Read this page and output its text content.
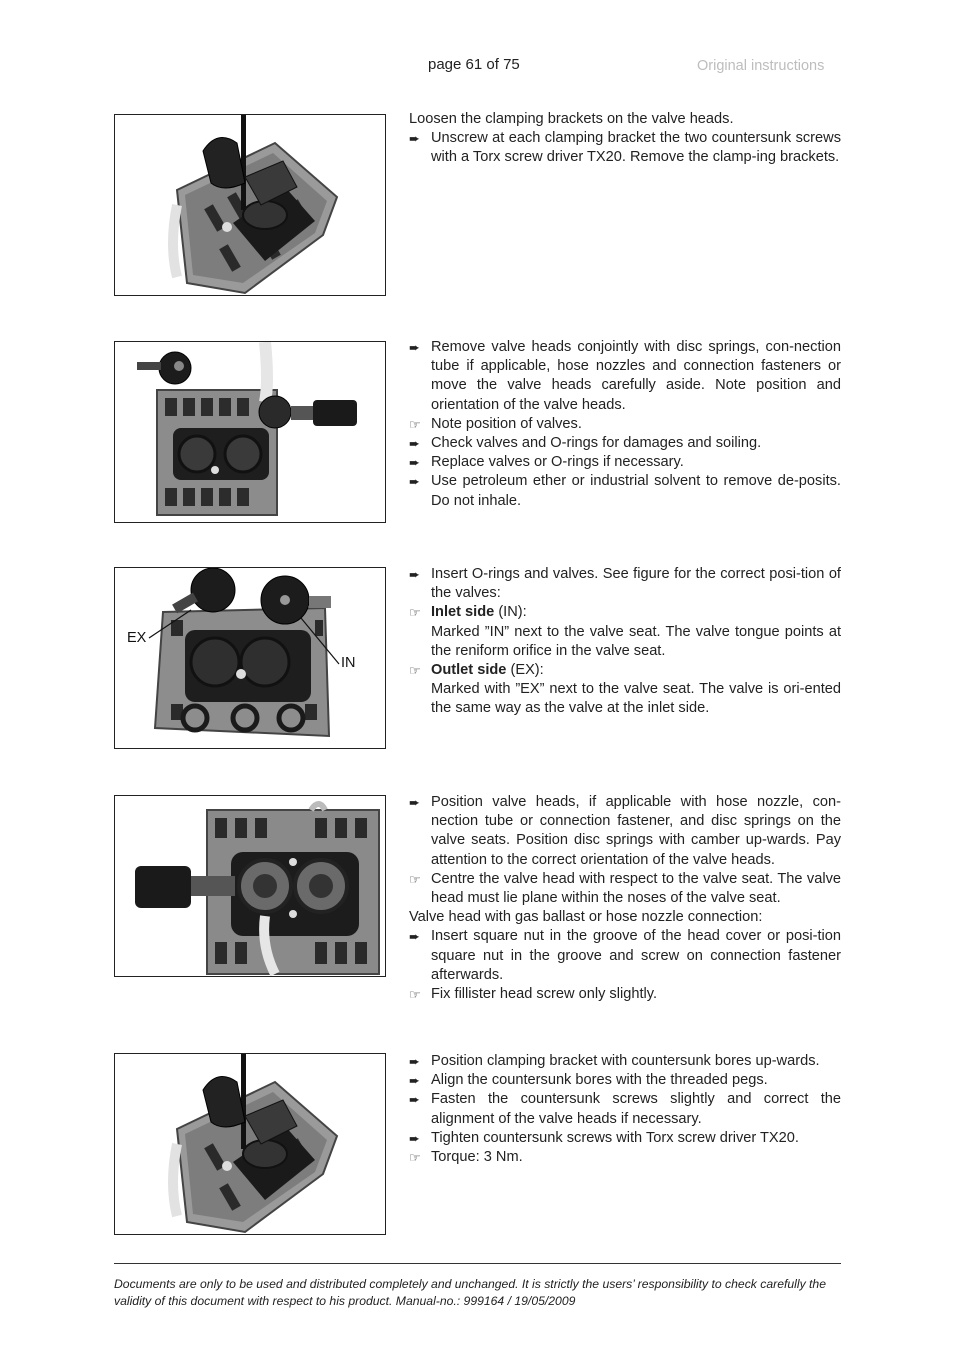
page 61 of 75	Original instructions
Loosen the clamping brackets on the valve heads.
➨ Unscrew at each clamping bracket the two countersunk screws with a Torx screw driver TX20. Remove the clamp-ing brackets.
➨ Remove valve heads conjointly with disc springs, con-nection tube if applicable, hose nozzles and connection fasteners or move the valve heads carefully aside. Note position and orientation of the valve heads.
☞ Note position of valves.
➨ Check valves and O-rings for damages and soiling.
➨ Replace valves or O-rings if necessary.
➨ Use petroleum ether or industrial solvent to remove de-posits. Do not inhale.
EX
IN
➨ Insert O-rings and valves. See figure for the correct posi-tion of the valves:
☞ Inlet side (IN):
Marked ”IN” next to the valve seat. The valve tongue points at the reniform orifice in the valve seat.
☞ Outlet side (EX):
Marked with ”EX” next to the valve seat. The valve is ori-ented the same way as the valve at the inlet side.
➨ Position valve heads, if applicable with hose nozzle, con-nection tube or connection fastener, and disc springs on the valve seats. Position disc springs with camber up-wards. Pay attention to the correct orientation of the valve heads.
☞ Centre the valve head with respect to the valve seat. The valve head must lie plane within the noses of the valve seat.
Valve head with gas ballast or hose nozzle connection:
➨ Insert square nut in the groove of the head cover or posi-tion square nut in the groove and screw on connection fastener afterwards.
☞ Fix fillister head screw only slightly.
➨ Position clamping bracket with countersunk bores up-wards.
➨ Align the countersunk bores with the threaded pegs.
➨ Fasten the countersunk screws slightly and correct the alignment of the valve heads if necessary.
➨ Tighten countersunk screws with Torx screw driver TX20.
☞ Torque: 3 Nm.
Documents are only to be used and distributed completely and unchanged. It is strictly the users’ responsibility to check carefully the validity of this document with respect to his product. Manual-no.: 999164 / 19/05/2009
